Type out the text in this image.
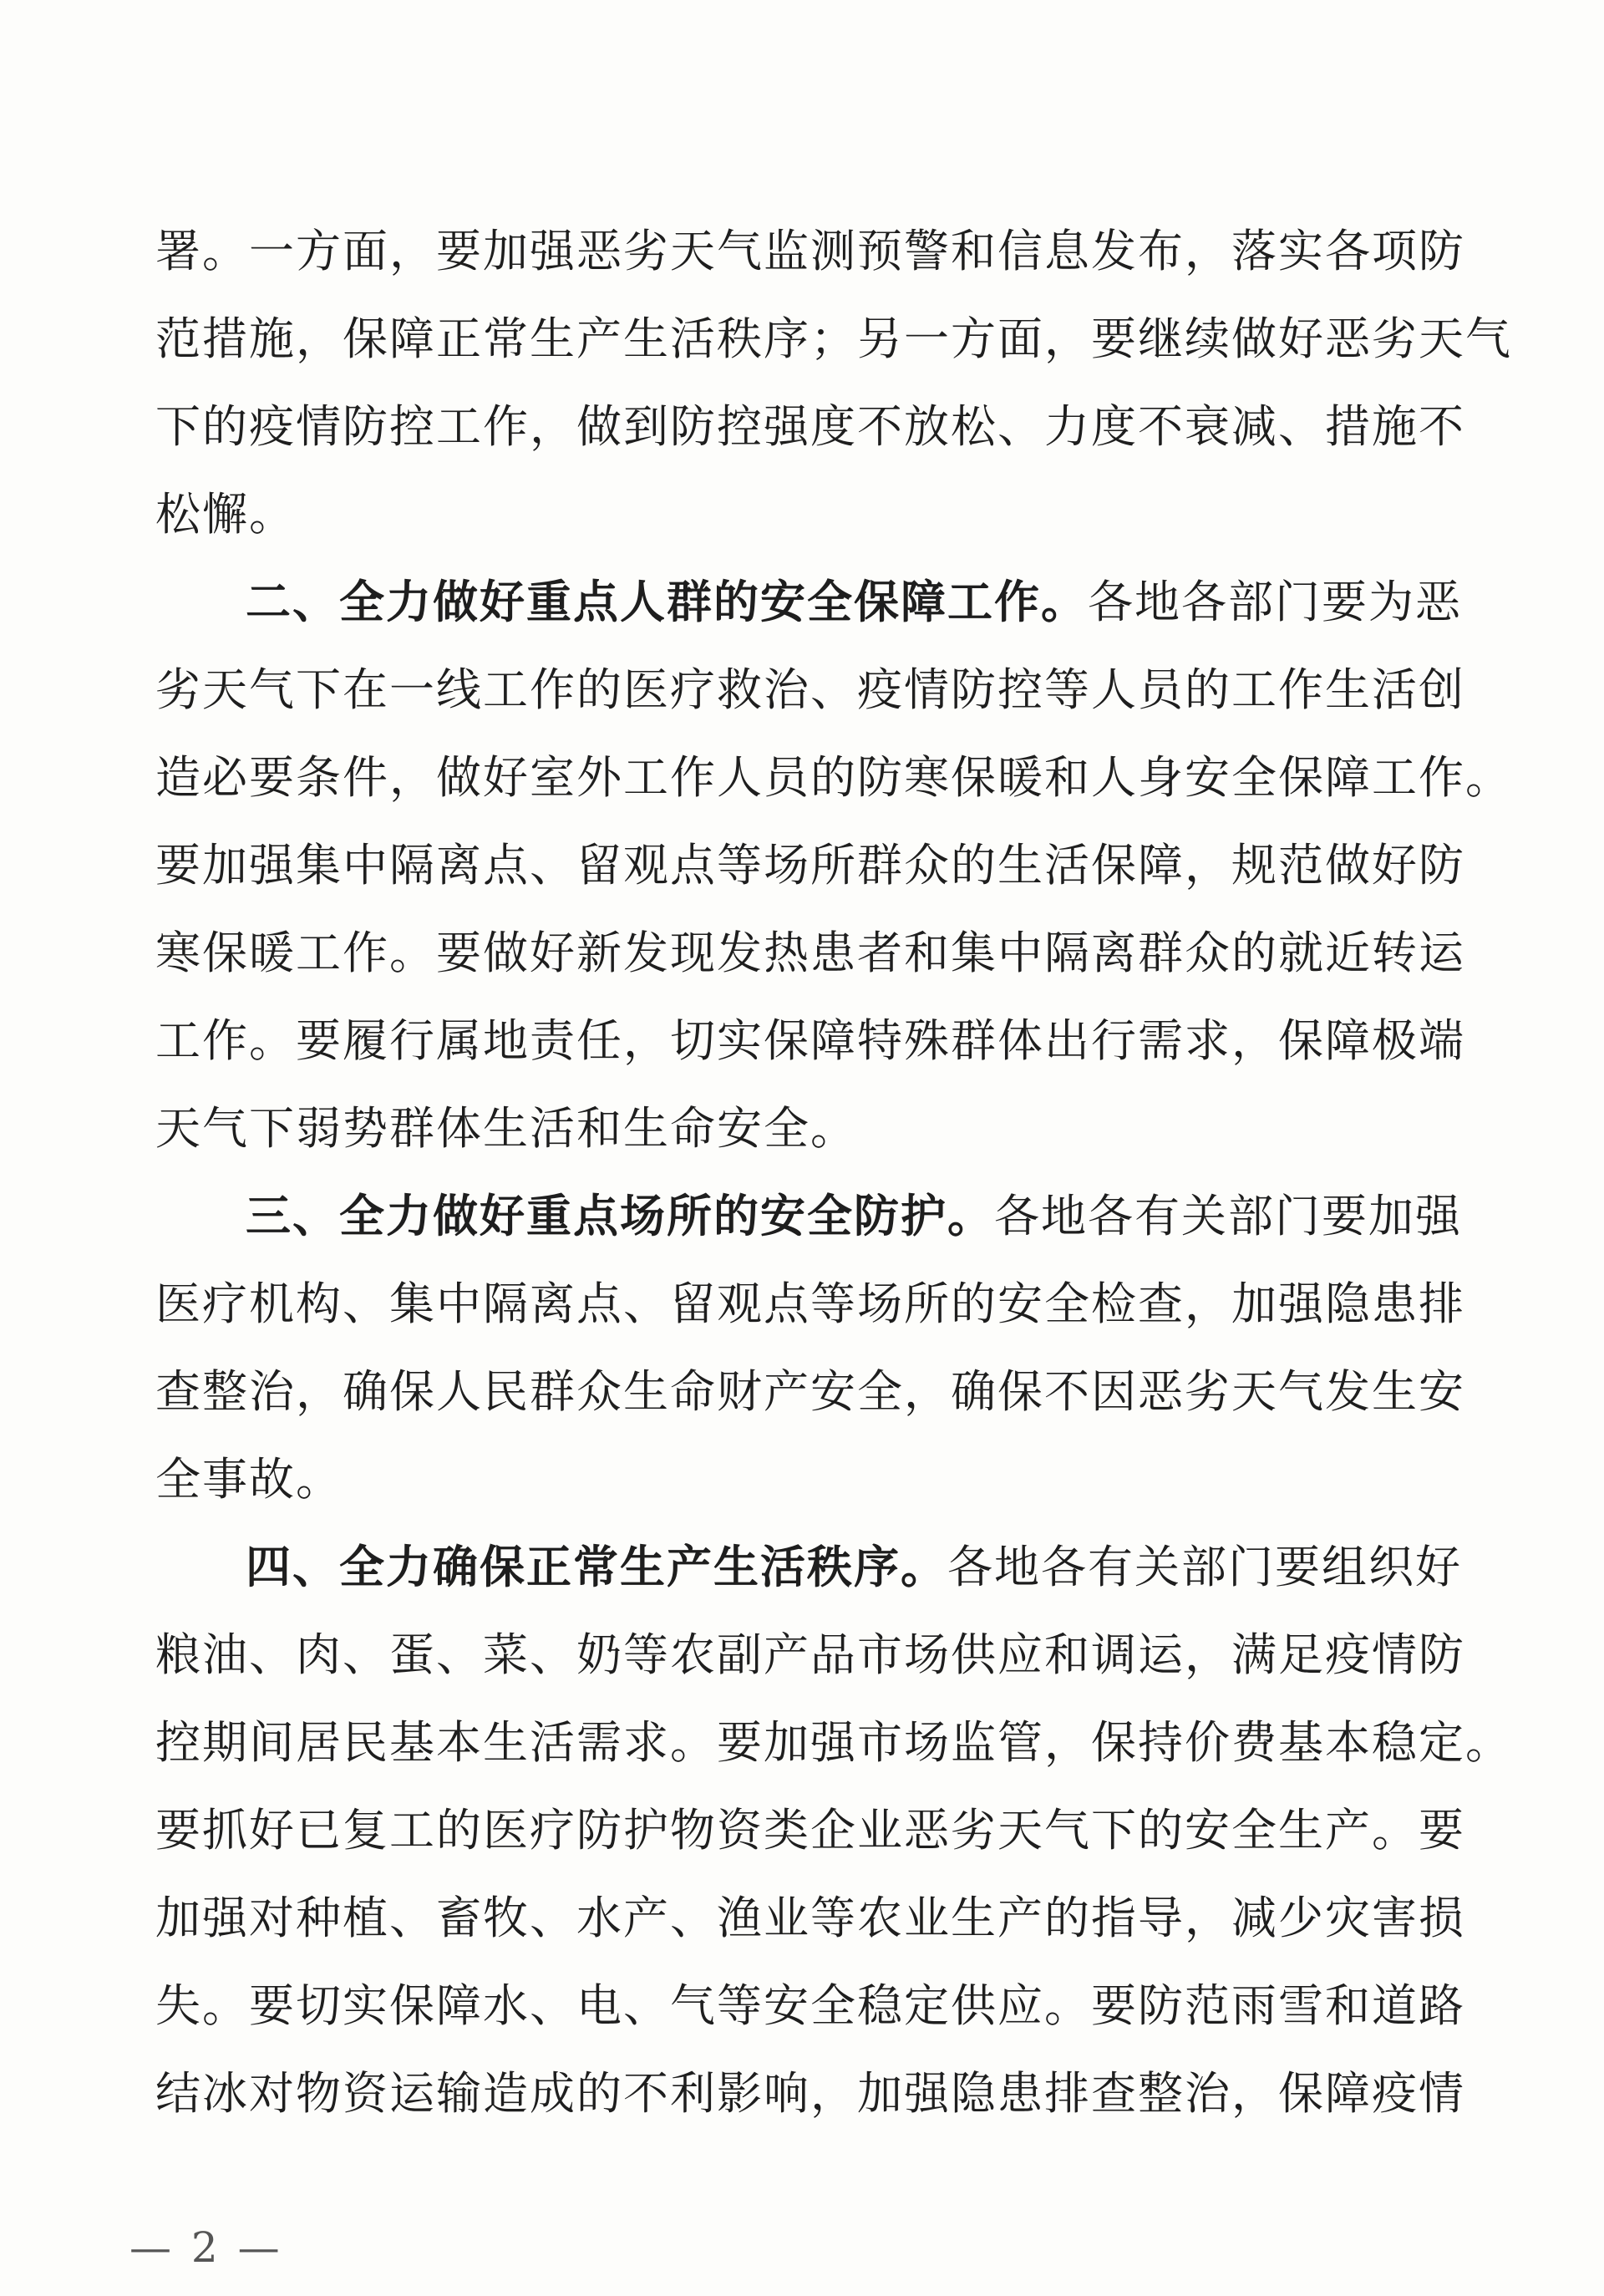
署。一方面，要加强恶劣天气监测预警和信息发布，落实各项防
范措施，保障正常生产生活秩序；另一方面，要继续做好恶劣天气
下的疫情防控工作，做到防控强度不放松、力度不衰减、措施不
松懈。
二、全力做好重点人群的安全保障工作。各地各部门要为恶
劣天气下在一线工作的医疗救治、疫情防控等人员的工作生活创
造必要条件，做好室外工作人员的防寒保暖和人身安全保障工作。
要加强集中隔离点、留观点等场所群众的生活保障，规范做好防
寒保暖工作。要做好新发现发热患者和集中隔离群众的就近转运
工作。要履行属地责任，切实保障特殊群体出行需求，保障极端
天气下弱势群体生活和生命安全。
三、全力做好重点场所的安全防护。各地各有关部门要加强
医疗机构、集中隔离点、留观点等场所的安全检查，加强隐患排
查整治，确保人民群众生命财产安全，确保不因恶劣天气发生安
全事故。
四、全力确保正常生产生活秩序。各地各有关部门要组织好
粮油、肉、蛋、菜、奶等农副产品市场供应和调运，满足疫情防
控期间居民基本生活需求。要加强市场监管，保持价费基本稳定。
要抓好已复工的医疗防护物资类企业恶劣天气下的安全生产。要
加强对种植、畜牧、水产、渔业等农业生产的指导，减少灾害损
失。要切实保障水、电、气等安全稳定供应。要防范雨雪和道路
结冰对物资运输造成的不利影响，加强隐患排查整治，保障疫情
— 2 —
